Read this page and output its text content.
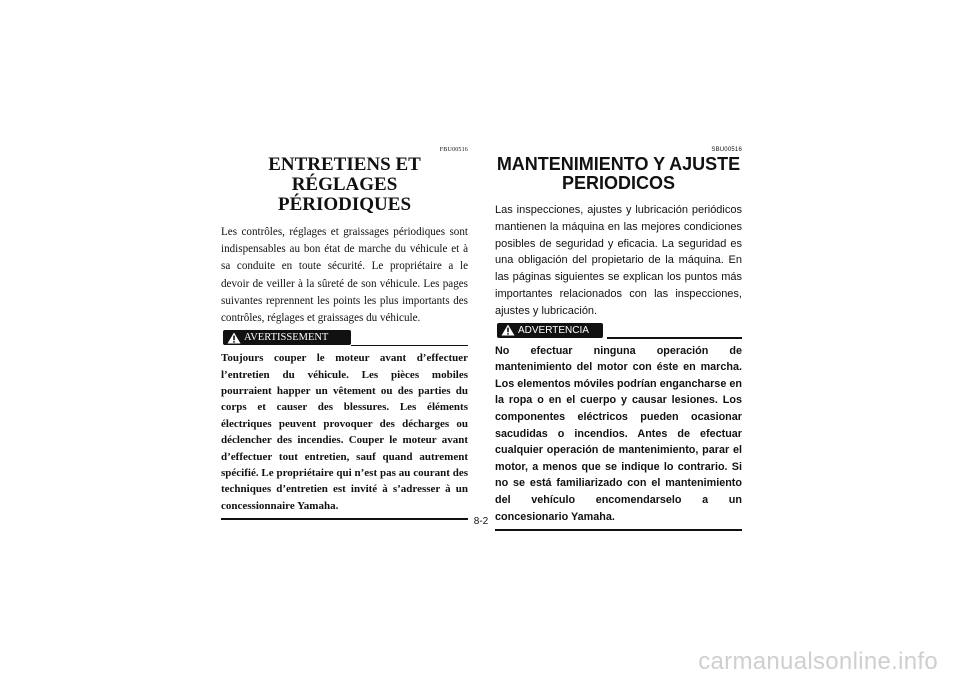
FBU00516
ENTRETIENS ET RÉGLAGES
PÉRIODIQUES
Les contrôles, réglages et graissages périodiques sont indispensables au bon état de marche du véhicule et à sa conduite en toute sécurité. Le propriétaire a le devoir de veiller à la sûreté de son véhicule. Les pages suivantes reprennent les points les plus importants des contrôles, réglages et graissages du véhicule.
AVERTISSEMENT
Toujours couper le moteur avant d’effectuer l’entretien du véhicule. Les pièces mobiles pourraient happer un vêtement ou des parties du corps et causer des blessures. Les éléments électriques peuvent provoquer des décharges ou déclencher des incendies. Couper le moteur avant d’effectuer tout entretien, sauf quand autrement spécifié. Le propriétaire qui n’est pas au courant des techniques d’entretien est invité à s’adresser à un concessionnaire Yamaha.
SBU00516
MANTENIMIENTO Y AJUSTE
PERIODICOS
Las inspecciones, ajustes y lubricación periódicos mantienen la máquina en las mejores condiciones posibles de seguridad y eficacia. La seguridad es una obligación del propietario de la máquina. En las páginas siguientes se explican los puntos más importantes relacionados con las inspecciones, ajustes y lubricación.
ADVERTENCIA
No efectuar ninguna operación de mantenimiento del motor con éste en marcha. Los elementos móviles podrían engancharse en la ropa o en el cuerpo y causar lesiones. Los componentes eléctricos pueden ocasionar sacudidas o incendios. Antes de efectuar cualquier operación de mantenimiento, parar el motor, a menos que se indique lo contrario. Si no se está familiarizado con el mantenimiento del vehículo encomendarselo a un concesionario Yamaha.
8-2
carmanualsonline.info
